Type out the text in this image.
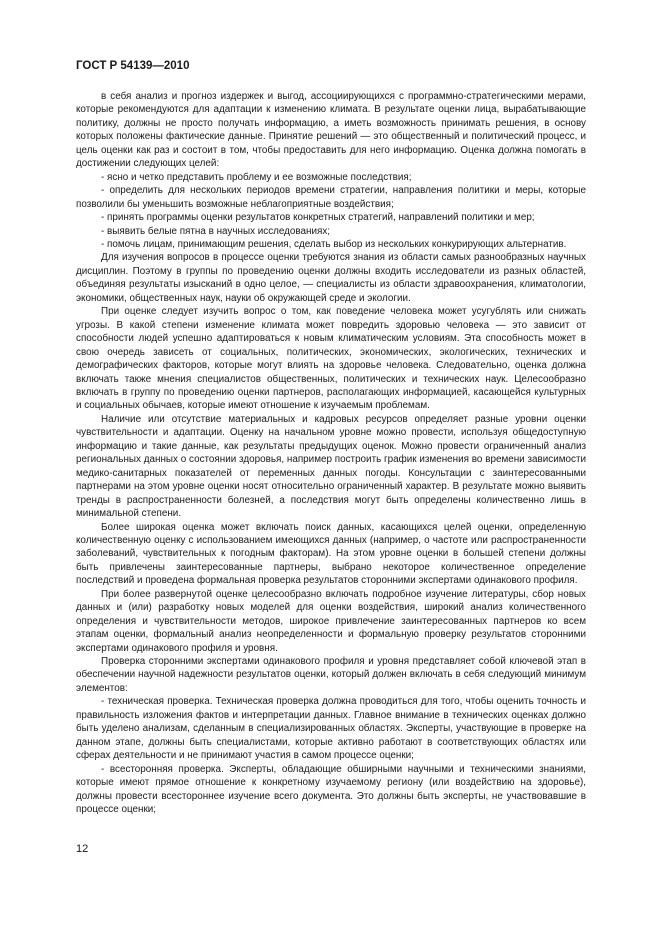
ГОСТ Р 54139—2010

в себя анализ и прогноз издержек и выгод, ассоциирующихся с программно-стратегическими мерами, которые рекомендуются для адаптации к изменению климата. В результате оценки лица, вырабатывающие политику, должны не просто получать информацию, а иметь возможность принимать решения, в основу которых положены фактические данные. Принятие решений — это общественный и политический процесс, и цель оценки как раз и состоит в том, чтобы предоставить для него информацию. Оценка должна помогать в достижении следующих целей:

- ясно и четко представить проблему и ее возможные последствия;

- определить для нескольких периодов времени стратегии, направления политики и меры, которые позволили бы уменьшить возможные неблагоприятные воздействия;

- принять программы оценки результатов конкретных стратегий, направлений политики и мер;

- выявить белые пятна в научных исследованиях;

- помочь лицам, принимающим решения, сделать выбор из нескольких конкурирующих альтернатив.

Для изучения вопросов в процессе оценки требуются знания из области самых разнообразных научных дисциплин. Поэтому в группы по проведению оценки должны входить исследователи из разных областей, объединяя результаты изысканий в одно целое, — специалисты из области здравоохранения, климатологии, экономики, общественных наук, науки об окружающей среде и экологии.

При оценке следует изучить вопрос о том, как поведение человека может усугублять или снижать угрозы. В какой степени изменение климата может повредить здоровью человека — это зависит от способности людей успешно адаптироваться к новым климатическим условиям. Эта способность может в свою очередь зависеть от социальных, политических, экономических, экологических, технических и демографических факторов, которые могут влиять на здоровье человека. Следовательно, оценка должна включать также мнения специалистов общественных, политических и технических наук. Целесообразно включать в группу по проведению оценки партнеров, располагающих информацией, касающейся культурных и социальных обычаев, которые имеют отношение к изучаемым проблемам.

Наличие или отсутствие материальных и кадровых ресурсов определяет разные уровни оценки чувствительности и адаптации. Оценку на начальном уровне можно провести, используя общедоступную информацию и такие данные, как результаты предыдущих оценок. Можно провести ограниченный анализ региональных данных о состоянии здоровья, например построить график изменения во времени зависимости медико-санитарных показателей от переменных данных погоды. Консультации с заинтересованными партнерами на этом уровне оценки носят относительно ограниченный характер. В результате можно выявить тренды в распространенности болезней, а последствия могут быть определены количественно лишь в минимальной степени.

Более широкая оценка может включать поиск данных, касающихся целей оценки, определенную количественную оценку с использованием имеющихся данных (например, о частоте или распространенности заболеваний, чувствительных к погодным факторам). На этом уровне оценки в большей степени должны быть привлечены заинтересованные партнеры, выбрано некоторое количественное определение последствий и проведена формальная проверка результатов сторонними экспертами одинакового профиля.

При более развернутой оценке целесообразно включать подробное изучение литературы, сбор новых данных и (или) разработку новых моделей для оценки воздействия, широкий анализ количественного определения и чувствительности методов, широкое привлечение заинтересованных партнеров ко всем этапам оценки, формальный анализ неопределенности и формальную проверку результатов сторонними экспертами одинакового профиля и уровня.

Проверка сторонними экспертами одинакового профиля и уровня представляет собой ключевой этап в обеспечении научной надежности результатов оценки, который должен включать в себя следующий минимум элементов:

- техническая проверка. Техническая проверка должна проводиться для того, чтобы оценить точность и правильность изложения фактов и интерпретации данных. Главное внимание в технических оценках должно быть уделено анализам, сделанным в специализированных областях. Эксперты, участвующие в проверке на данном этапе, должны быть специалистами, которые активно работают в соответствующих областях или сферах деятельности и не принимают участия в самом процессе оценки;

- всесторонняя проверка. Эксперты, обладающие обширными научными и техническими знаниями, которые имеют прямое отношение к конкретному изучаемому региону (или воздействию на здоровье), должны провести всестороннее изучение всего документа. Это должны быть эксперты, не участвовавшие в процессе оценки;

12
